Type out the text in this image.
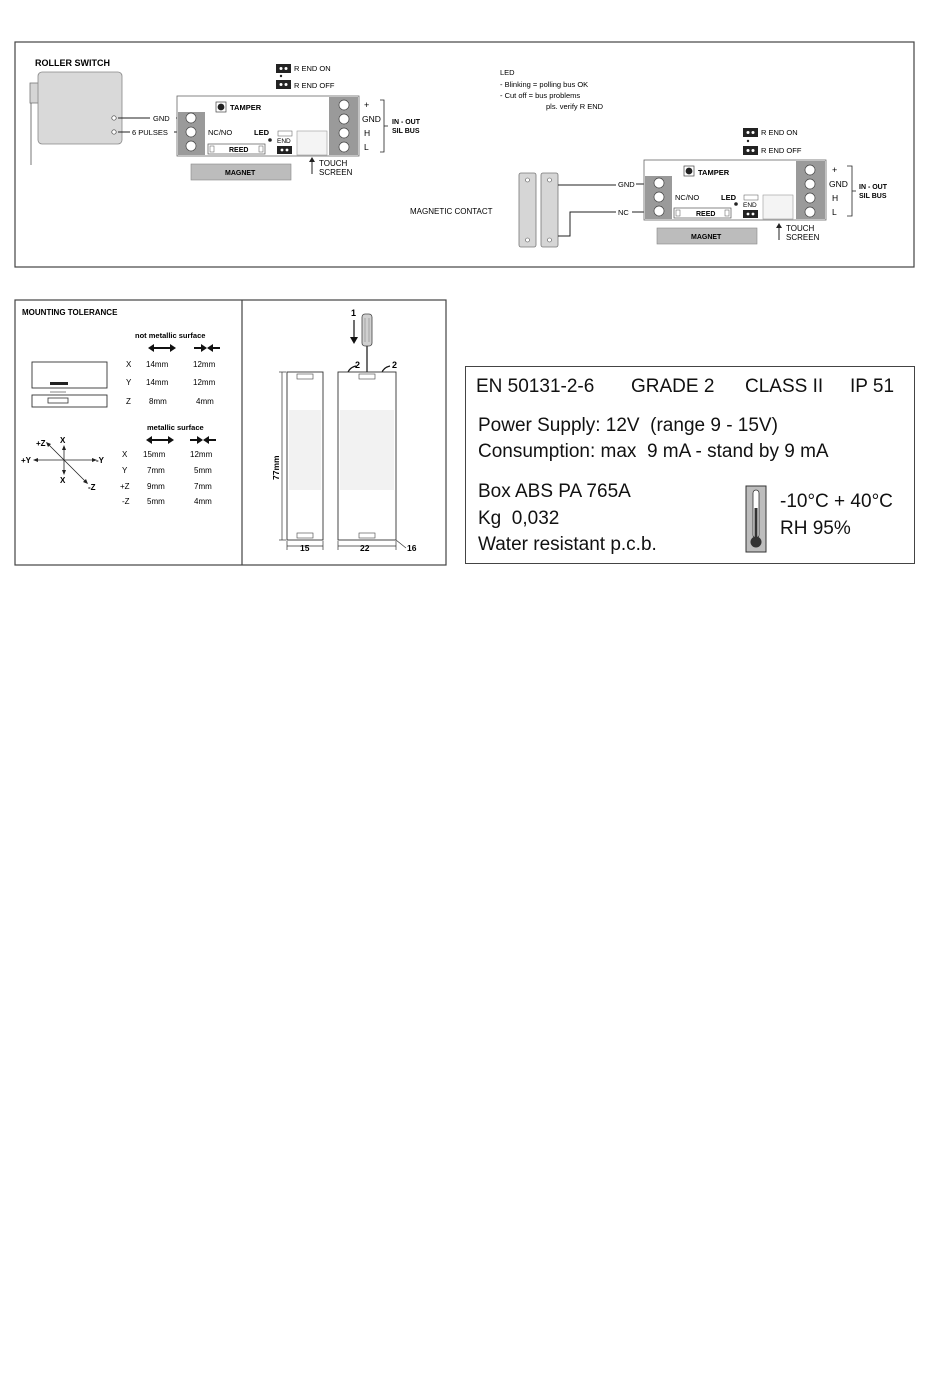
ROLLER SWITCH
GND
6 PULSES
TAMPER
NC/NO	LED
END
REED
MAGNET
TOUCH
SCREEN
R END ON
R END OFF
+
GND
H
L
IN - OUT
SIL BUS
LED
- Blinking = polling bus OK
- Cut off = bus problems
pls. verify R END
MAGNETIC CONTACT
GND
NC
TAMPER
NC/NO	LED
END
REED
MAGNET
TOUCH
SCREEN
R END ON
R END OFF
+
GND
H
L
IN - OUT
SIL BUS
MOUNTING TOLERANCE
not metallic surface
X 14mm	12mm
Y 14mm	12mm
Z 8mm	4mm
metallic surface
+Z X
+Y	-Y
X
-Z
X 15mm	12mm
Y 7mm	5mm
+Z 9mm	7mm
-Z 5mm	4mm
1
2	2
77mm
15	22	16
EN 50131-2-6 GRADE 2 CLASS II IP 51
Power Supply: 12V  (range 9 - 15V)
Consumption: max  9 mA - stand by 9 mA
Box ABS PA 765A
Kg  0,032
Water resistant p.c.b.
-10°C + 40°C
RH 95%
